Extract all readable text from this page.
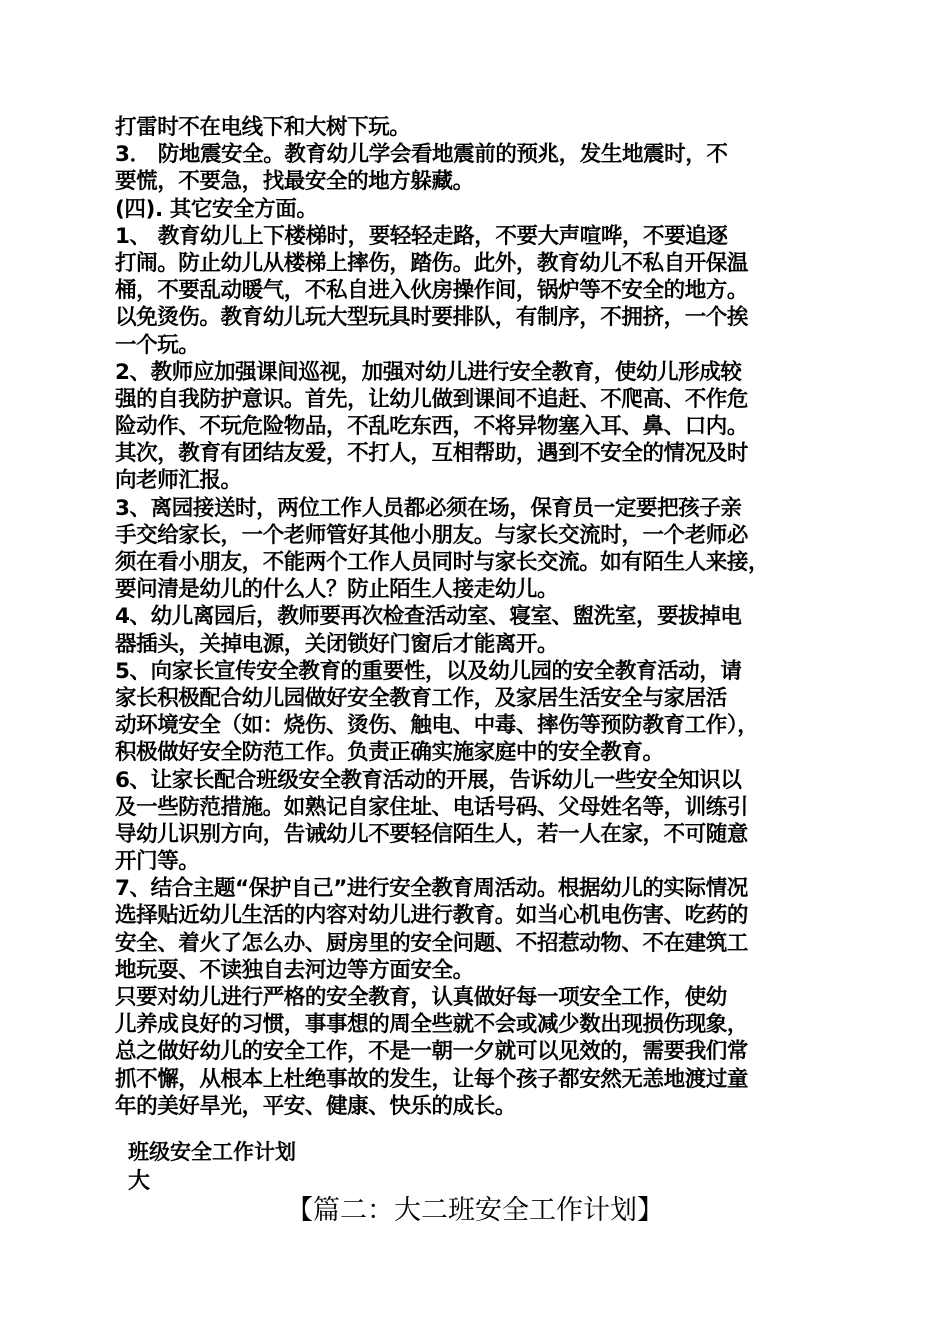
打雷时不在电线下和大树下玩。
3． 防地震安全。教育幼儿学会看地震前的预兆，发生地震时，不
要慌，不要急，找最安全的地方躲藏。
(四). 其它安全方面。
1、 教育幼儿上下楼梯时，要轻轻走路，不要大声喧哗，不要追逐
打闹。防止幼儿从楼梯上摔伤，踏伤。此外，教育幼儿不私自开保温
桶，不要乱动暖气，不私自进入伙房操作间，锅炉等不安全的地方。
以免烫伤。教育幼儿玩大型玩具时要排队，有制序，不拥挤，一个挨
一个玩。
2、教师应加强课间巡视，加强对幼儿进行安全教育，使幼儿形成较
强的自我防护意识。首先，让幼儿做到课间不追赶、不爬高、不作危
险动作、不玩危险物品，不乱吃东西，不将异物塞入耳、鼻、口内。
其次，教育有团结友爱，不打人，互相帮助，遇到不安全的情况及时
向老师汇报。
3、离园接送时，两位工作人员都必须在场，保育员一定要把孩子亲
手交给家长，一个老师管好其他小朋友。与家长交流时，一个老师必
须在看小朋友，不能两个工作人员同时与家长交流。如有陌生人来接，
要问清是幼儿的什么人？防止陌生人接走幼儿。
4、幼儿离园后，教师要再次检查活动室、寝室、盥洗室，要拔掉电
器插头，关掉电源，关闭锁好门窗后才能离开。
5、向家长宣传安全教育的重要性，以及幼儿园的安全教育活动，请
家长积极配合幼儿园做好安全教育工作，及家居生活安全与家居活
动环境安全（如：烧伤、烫伤、触电、中毒、摔伤等预防教育工作），
积极做好安全防范工作。负责正确实施家庭中的安全教育。
6、让家长配合班级安全教育活动的开展，告诉幼儿一些安全知识以
及一些防范措施。如熟记自家住址、电话号码、父母姓名等，训练引
导幼儿识别方向，告诫幼儿不要轻信陌生人，若一人在家，不可随意
开门等。
7、结合主题“保护自己”进行安全教育周活动。根据幼儿的实际情况
选择贴近幼儿生活的内容对幼儿进行教育。如当心机电伤害、吃药的
安全、着火了怎么办、厨房里的安全问题、不招惹动物、不在建筑工
地玩耍、不读独自去河边等方面安全。
只要对幼儿进行严格的安全教育，认真做好每一项安全工作，使幼
儿养成良好的习惯，事事想的周全些就不会或减少数出现损伤现象，
总之做好幼儿的安全工作，不是一朝一夕就可以见效的，需要我们常
抓不懈，从根本上杜绝事故的发生，让每个孩子都安然无恙地渡过童
年的美好旱光，平安、健康、快乐的成长。
班级安全工作计划
大
【篇二：大二班安全工作计划】
